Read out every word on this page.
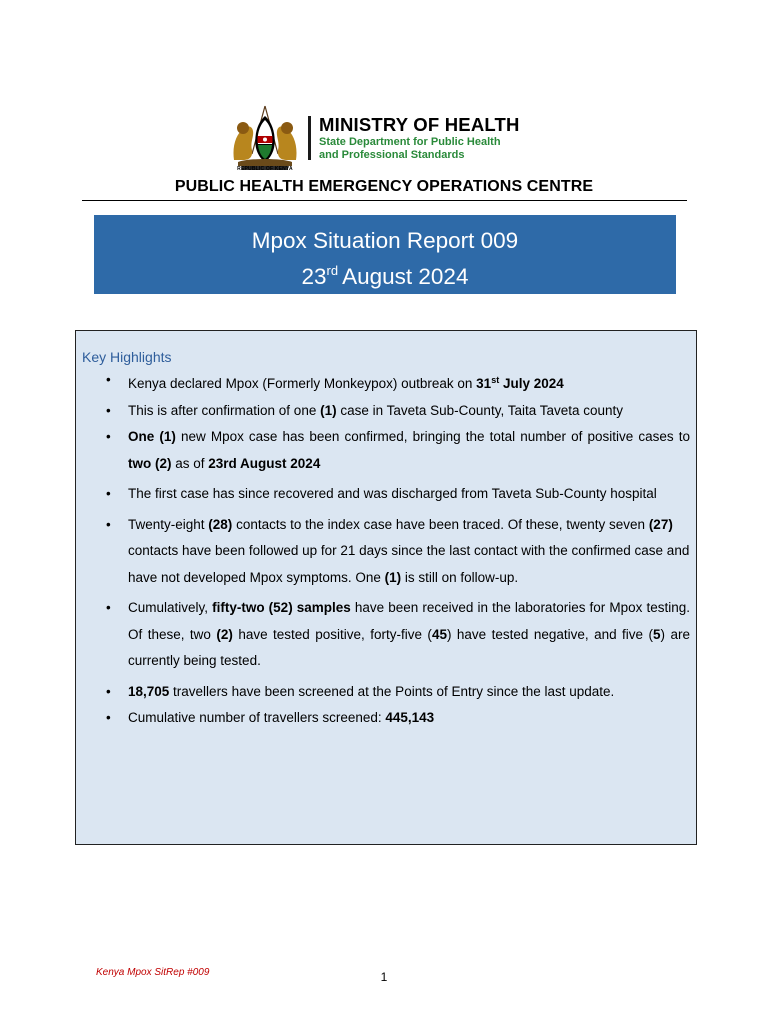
REPUBLIC OF KENYA
MINISTRY OF HEALTH
State Department for Public Health
and Professional Standards
PUBLIC HEALTH EMERGENCY OPERATIONS CENTRE
Mpox Situation Report 009
23rd August 2024
Key Highlights
• Kenya declared Mpox (Formerly Monkeypox) outbreak on 31st July 2024
• This is after confirmation of one (1) case in Taveta Sub-County, Taita Taveta county
• One (1) new Mpox case has been confirmed, bringing the total number of positive cases to two (2) as of 23rd August 2024
• The first case has since recovered and was discharged from Taveta Sub-County hospital
• Twenty-eight (28) contacts to the index case have been traced. Of these, twenty seven (27) contacts have been followed up for 21 days since the last contact with the confirmed case and have not developed Mpox symptoms. One (1) is still on follow-up.
• Cumulatively, fifty-two (52) samples have been received in the laboratories for Mpox testing. Of these, two (2) have tested positive, forty-five (45) have tested negative, and five (5) are currently being tested.
• 18,705 travellers have been screened at the Points of Entry since the last update.
• Cumulative number of travellers screened: 445,143
Kenya Mpox SitRep #009	1
